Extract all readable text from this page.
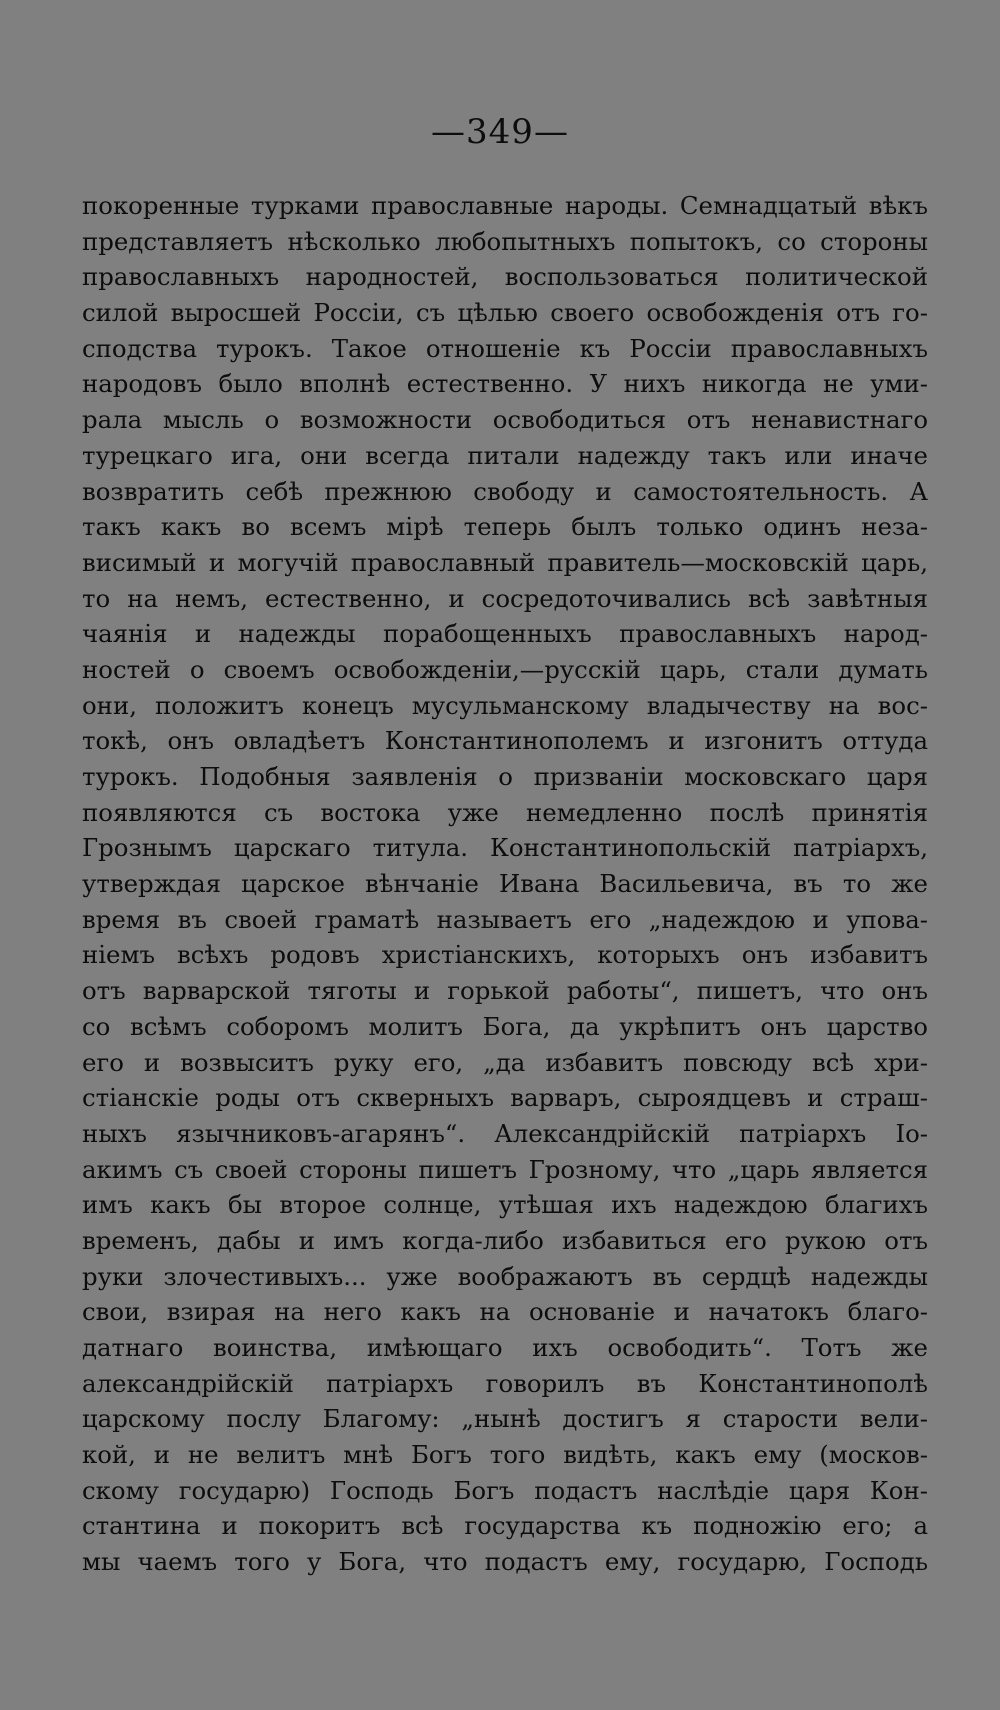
—349—
покоренные турками православные народы. Семнадцатый вѣкъ
представляетъ нѣсколько любопытныхъ попытокъ, со стороны
православныхъ народностей, воспользоваться политической
силой выросшей Россіи, съ цѣлью своего освобожденія отъ го-
сподства турокъ. Такое отношеніе къ Россіи православныхъ
народовъ было вполнѣ естественно. У нихъ никогда не уми-
рала мысль о возможности освободиться отъ ненавистнаго
турецкаго ига, они всегда питали надежду такъ или иначе
возвратить себѣ прежнюю свободу и самостоятельность. А
такъ какъ во всемъ мірѣ теперь былъ только одинъ неза-
висимый и могучій православный правитель—московскій царь,
то на немъ, естественно, и сосредоточивались всѣ завѣтныя
чаянія и надежды порабощенныхъ православныхъ народ-
ностей о своемъ освобожденіи,—русскій царь, стали думать
они, положитъ конецъ мусульманскому владычеству на вос-
токѣ, онъ овладѣетъ Константинополемъ и изгонитъ оттуда
турокъ. Подобныя заявленія о призваніи московскаго царя
появляются съ востока уже немедленно послѣ принятія
Грознымъ царскаго титула. Константинопольскій патріархъ,
утверждая царское вѣнчаніе Ивана Васильевича, въ то же
время въ своей граматѣ называетъ его „надеждою и упова-
ніемъ всѣхъ родовъ христіанскихъ, которыхъ онъ избавитъ
отъ варварской тяготы и горькой работы“, пишетъ, что онъ
со всѣмъ соборомъ молитъ Бога, да укрѣпитъ онъ царство
его и возвыситъ руку его, „да избавитъ повсюду всѣ хри-
стіанскіе роды отъ скверныхъ варваръ, сыроядцевъ и страш-
ныхъ язычниковъ-агарянъ“. Александрійскій патріархъ Іо-
акимъ съ своей стороны пишетъ Грозному, что „царь является
имъ какъ бы второе солнце, утѣшая ихъ надеждою благихъ
временъ, дабы и имъ когда-либо избавиться его рукою отъ
руки злочестивыхъ... уже воображаютъ въ сердцѣ надежды
свои, взирая на него какъ на основаніе и начатокъ благо-
датнаго воинства, имѣющаго ихъ освободить“. Тотъ же
александрійскій патріархъ говорилъ въ Константинополѣ
царскому послу Благому: „нынѣ достигъ я старости вели-
кой, и не велитъ мнѣ Богъ того видѣть, какъ ему (москов-
скому государю) Господь Богъ подастъ наслѣдіе царя Кон-
стантина и покоритъ всѣ государства къ подножію его; а
мы чаемъ того у Бога, что подастъ ему, государю, Господь
